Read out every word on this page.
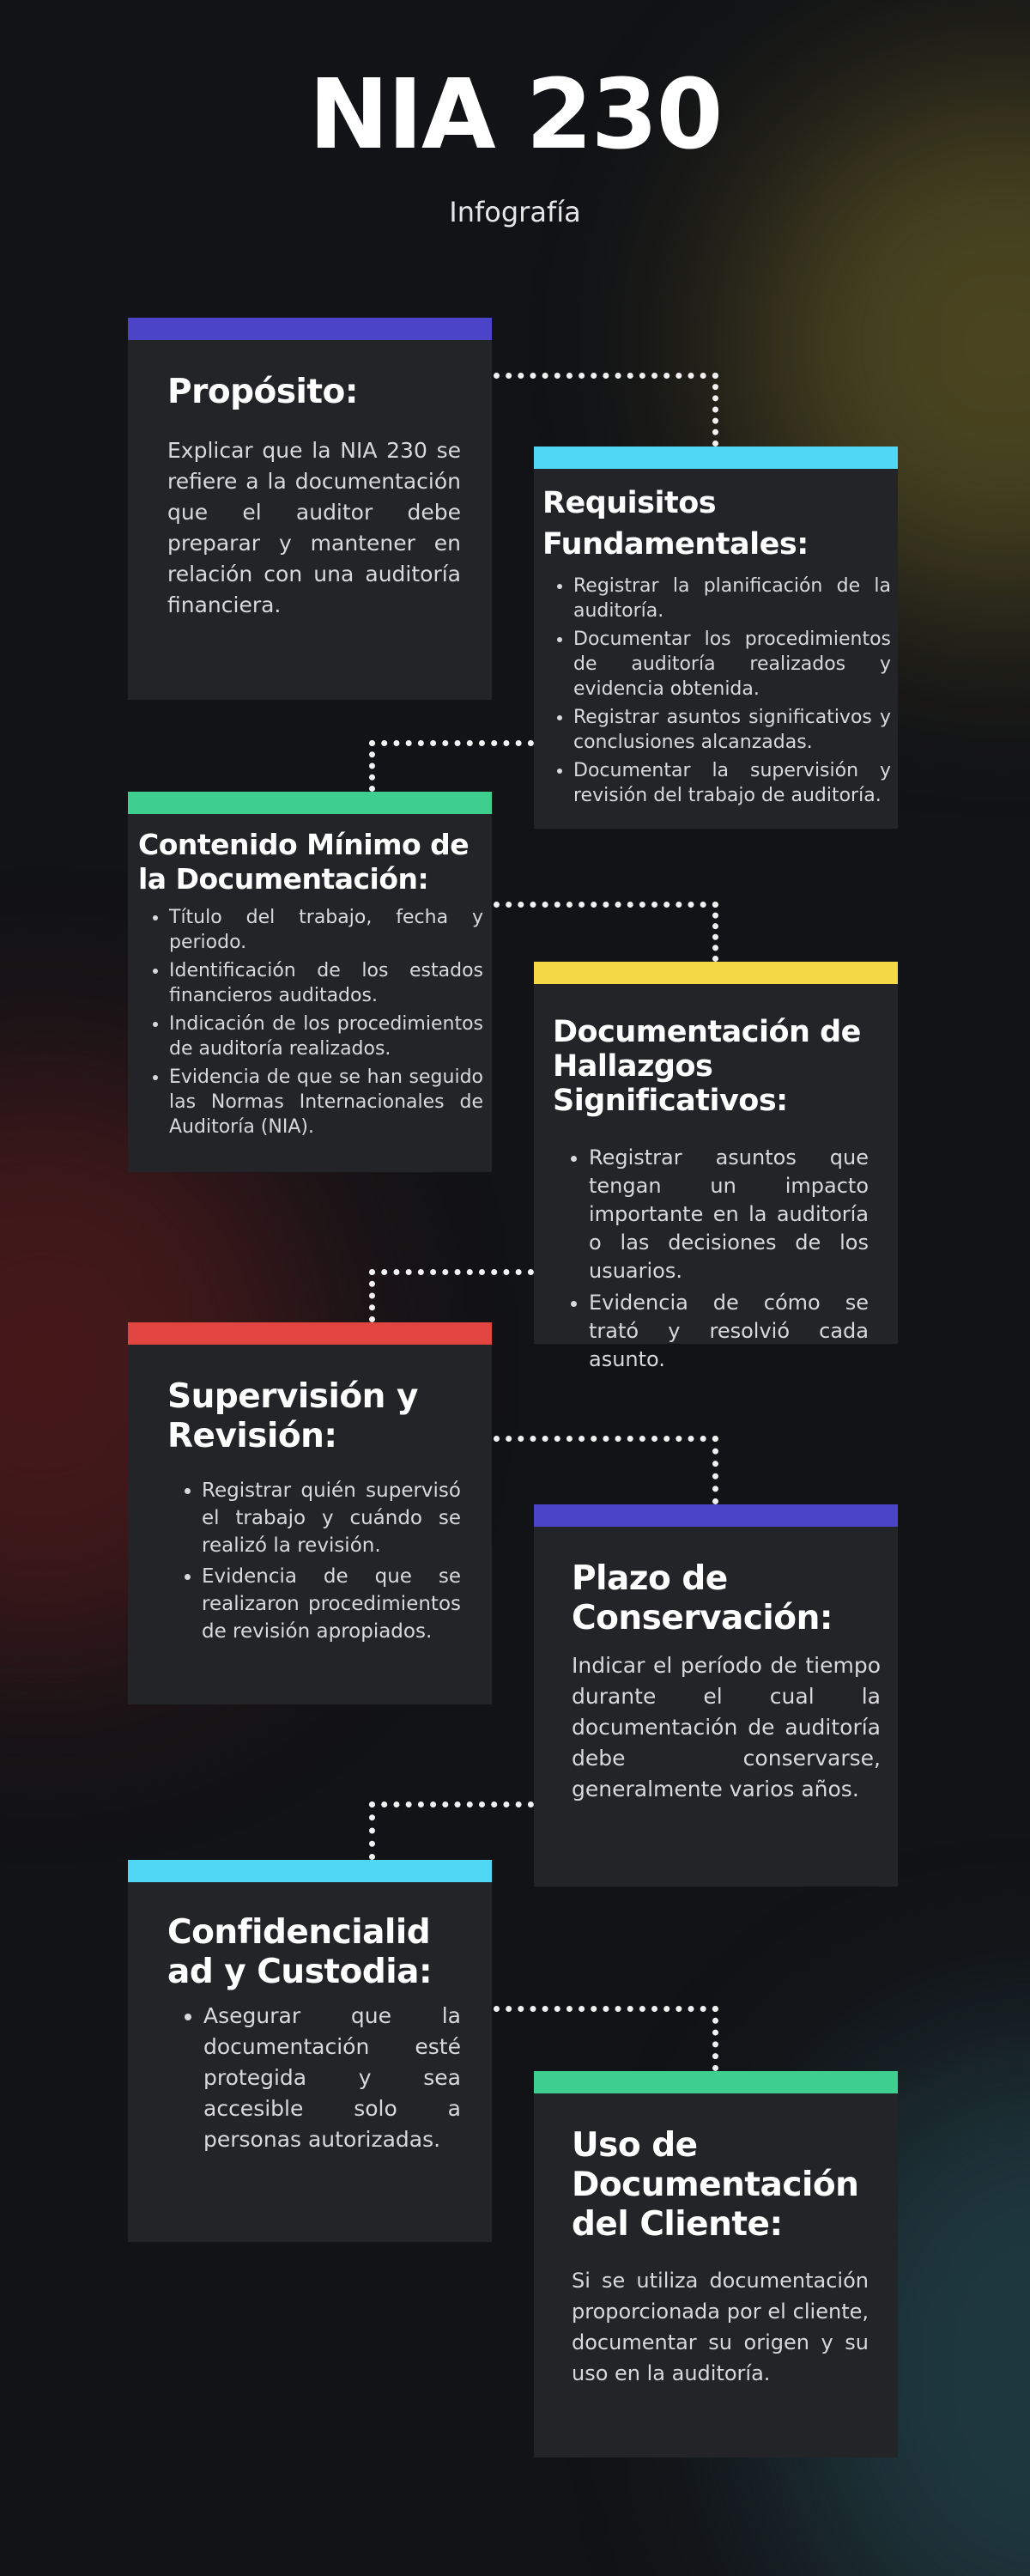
NIA 230
Infografía
Propósito:

Explicar que la NIA 230 se refiere a la documentación que el auditor debe preparar y mantener en relación con una auditoría financiera.

Requisitos Fundamentales:
• Registrar la planificación de la auditoría.
• Documentar los procedimientos de auditoría realizados y evidencia obtenida.
• Registrar asuntos significativos y conclusiones alcanzadas.
• Documentar la supervisión y revisión del trabajo de auditoría.
Contenido Mínimo de la Documentación:
• Título del trabajo, fecha y periodo.
• Identificación de los estados financieros auditados.
• Indicación de los procedimientos de auditoría realizados.
• Evidencia de que se han seguido las Normas Internacionales de Auditoría (NIA).
Documentación de Hallazgos Significativos:
• Registrar asuntos que tengan un impacto importante en la auditoría o las decisiones de los usuarios.
• Evidencia de cómo se trató y resolvió cada asunto.
Supervisión y Revisión:
• Registrar quién supervisó el trabajo y cuándo se realizó la revisión.
• Evidencia de que se realizaron procedimientos de revisión apropiados.
Plazo de Conservación:

Indicar el período de tiempo durante el cual la documentación de auditoría debe conservarse, generalmente varios años.

Confidencialid ad y Custodia:
• Asegurar que la documentación esté protegida y sea accesible solo a personas autorizadas.	Uso de Documentación del Cliente:

Si se utiliza documentación proporcionada por el cliente, documentar su origen y su uso en la auditoría.
